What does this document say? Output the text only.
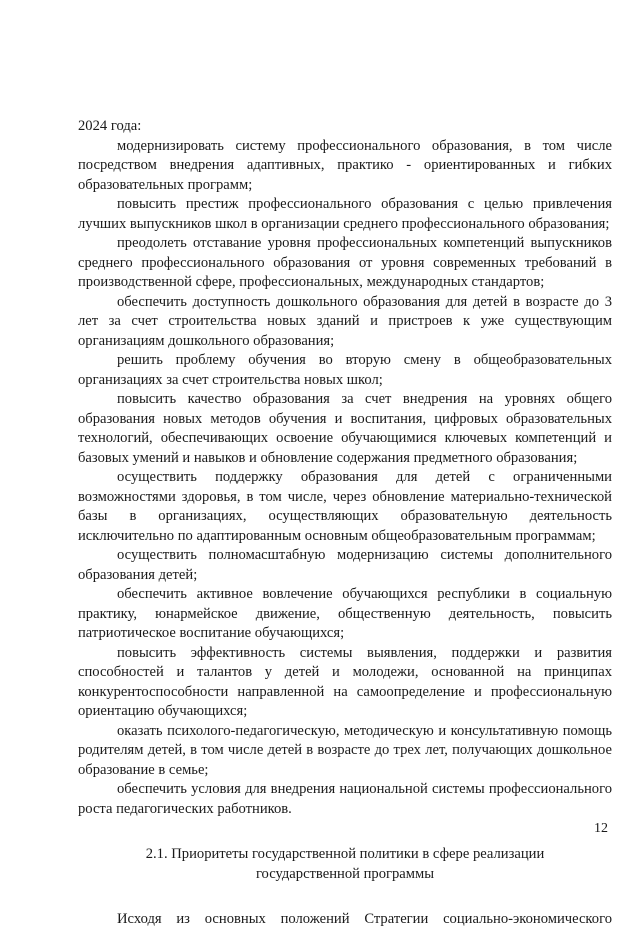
2024 года:

модернизировать систему профессионального образования, в том числе посредством внедрения адаптивных, практико - ориентированных и гибких образовательных программ;

повысить престиж профессионального образования с целью привлечения лучших выпускников школ в организации среднего профессионального образования;

преодолеть отставание уровня профессиональных компетенций выпускников среднего профессионального образования от уровня современных требований в производственной сфере, профессиональных, международных стандартов;

обеспечить доступность дошкольного образования для детей в возрасте до 3 лет за счет строительства новых зданий и пристроев к уже существующим организациям дошкольного образования;

решить проблему обучения во вторую смену в общеобразовательных организациях за счет строительства новых школ;

повысить качество образования за счет внедрения на уровнях общего образования новых методов обучения и воспитания, цифровых образовательных технологий, обеспечивающих освоение обучающимися ключевых компетенций и базовых умений и навыков и обновление содержания предметного образования;

осуществить поддержку образования для детей с ограниченными возможностями здоровья, в том числе, через обновление материально-технической базы в организациях, осуществляющих образовательную деятельность исключительно по адаптированным основным общеобразовательным программам;

осуществить полномасштабную модернизацию системы дополнительного образования детей;

обеспечить активное вовлечение обучающихся республики в социальную практику, юнармейское движение, общественную деятельность, повысить патриотическое воспитание обучающихся;

повысить эффективность системы выявления, поддержки и развития способностей и талантов у детей и молодежи, основанной на принципах конкурентоспособности направленной на самоопределение и профессиональную ориентацию обучающихся;

оказать психолого-педагогическую, методическую и консультативную помощь родителям детей, в том числе детей в возрасте до трех лет, получающих дошкольное образование в семье;

обеспечить условия для внедрения национальной системы профессионального роста педагогических работников.

2.1. Приоритеты государственной политики в сфере реализации
государственной программы

Исходя из основных положений Стратегии социально-экономического

12
